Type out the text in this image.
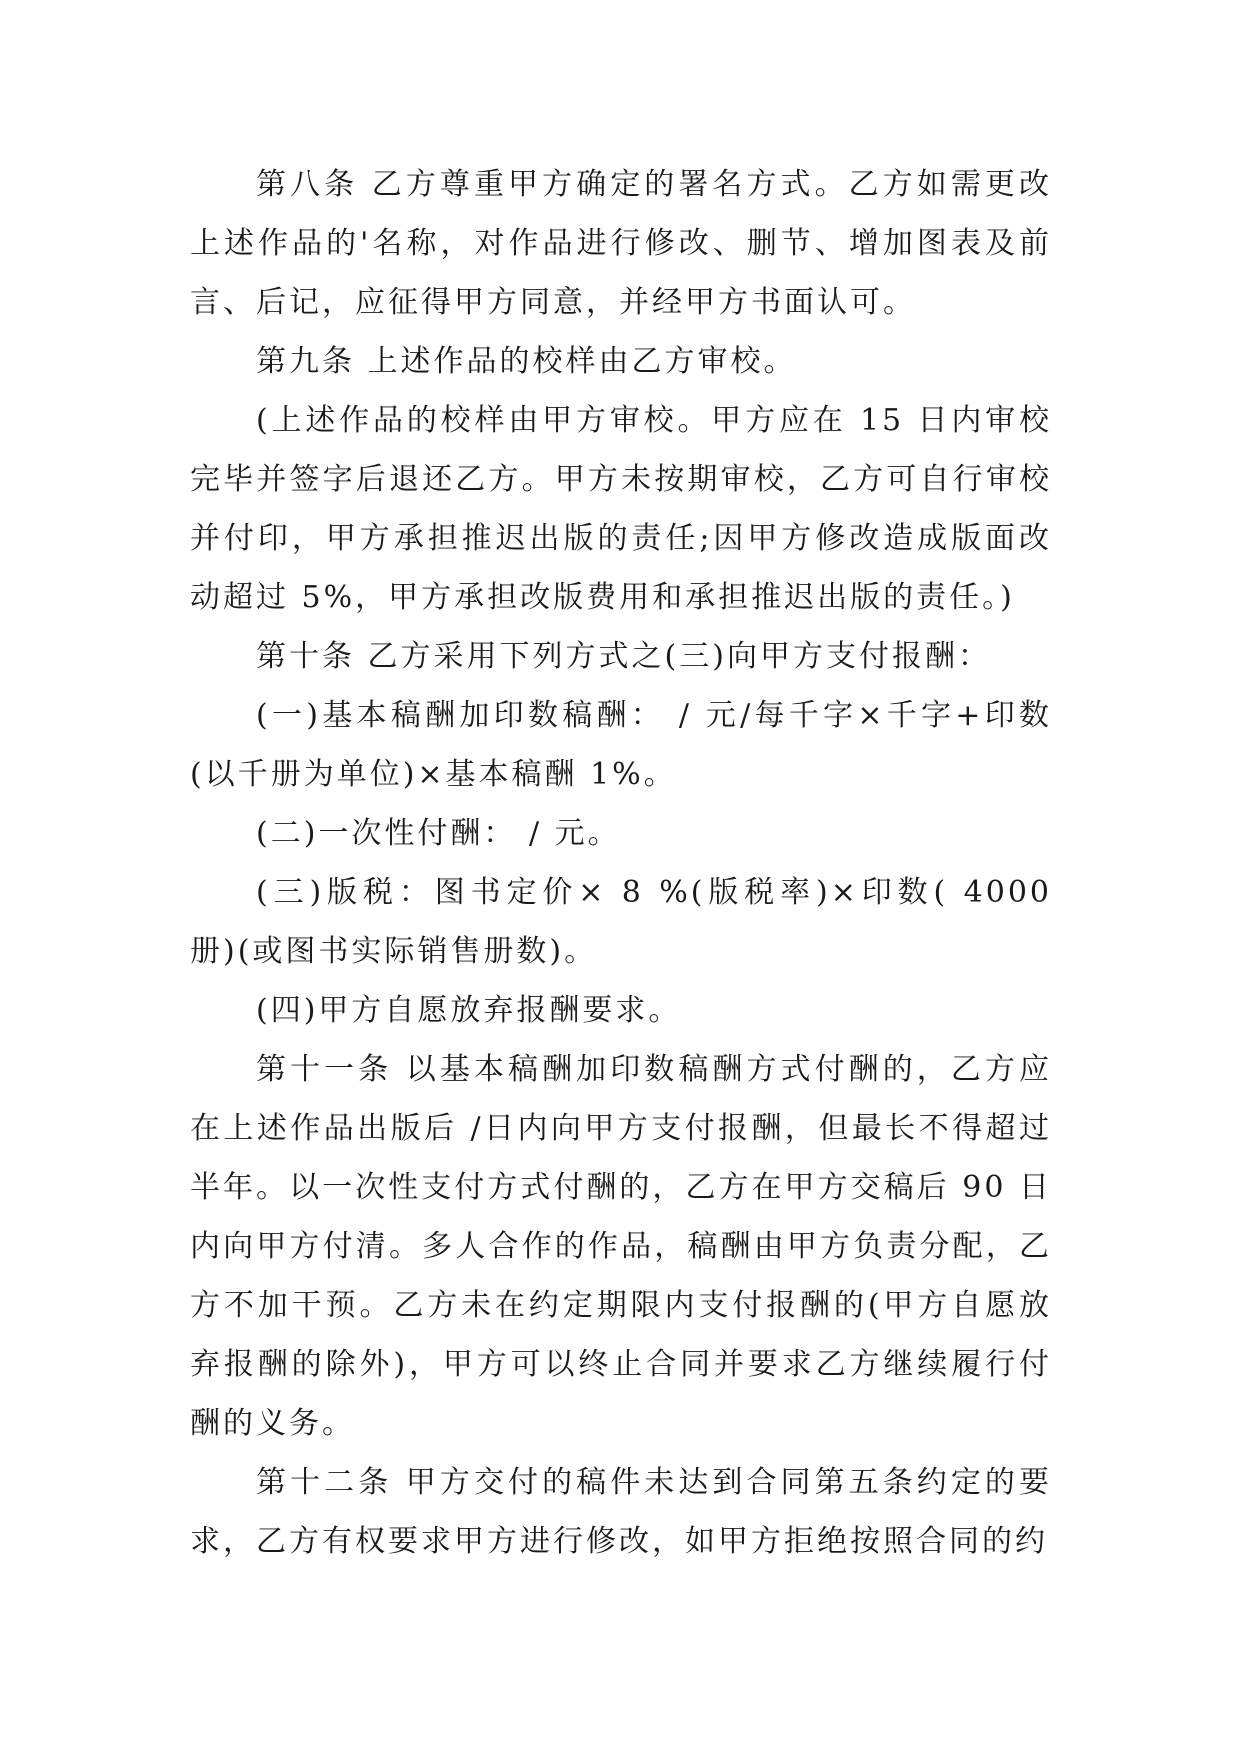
第八条 乙方尊重甲方确定的署名方式。乙方如需更改上述作品的'名称，对作品进行修改、删节、增加图表及前言、后记，应征得甲方同意，并经甲方书面认可。

第九条 上述作品的校样由乙方审校。

(上述作品的校样由甲方审校。甲方应在 15 日内审校完毕并签字后退还乙方。甲方未按期审校，乙方可自行审校并付印，甲方承担推迟出版的责任;因甲方修改造成版面改动超过 5%，甲方承担改版费用和承担推迟出版的责任。)

第十条 乙方采用下列方式之(三)向甲方支付报酬：

(一)基本稿酬加印数稿酬： / 元/每千字×千字+印数(以千册为单位)×基本稿酬 1%。

(二)一次性付酬： / 元。

(三)版税：图书定价× 8 %(版税率)×印数( 4000 册)(或图书实际销售册数)。

(四)甲方自愿放弃报酬要求。

第十一条 以基本稿酬加印数稿酬方式付酬的，乙方应在上述作品出版后 /日内向甲方支付报酬，但最长不得超过半年。以一次性支付方式付酬的，乙方在甲方交稿后 90 日内向甲方付清。多人合作的作品，稿酬由甲方负责分配，乙方不加干预。乙方未在约定期限内支付报酬的(甲方自愿放弃报酬的除外)，甲方可以终止合同并要求乙方继续履行付酬的义务。

第十二条 甲方交付的稿件未达到合同第五条约定的要求，乙方有权要求甲方进行修改，如甲方拒绝按照合同的约
